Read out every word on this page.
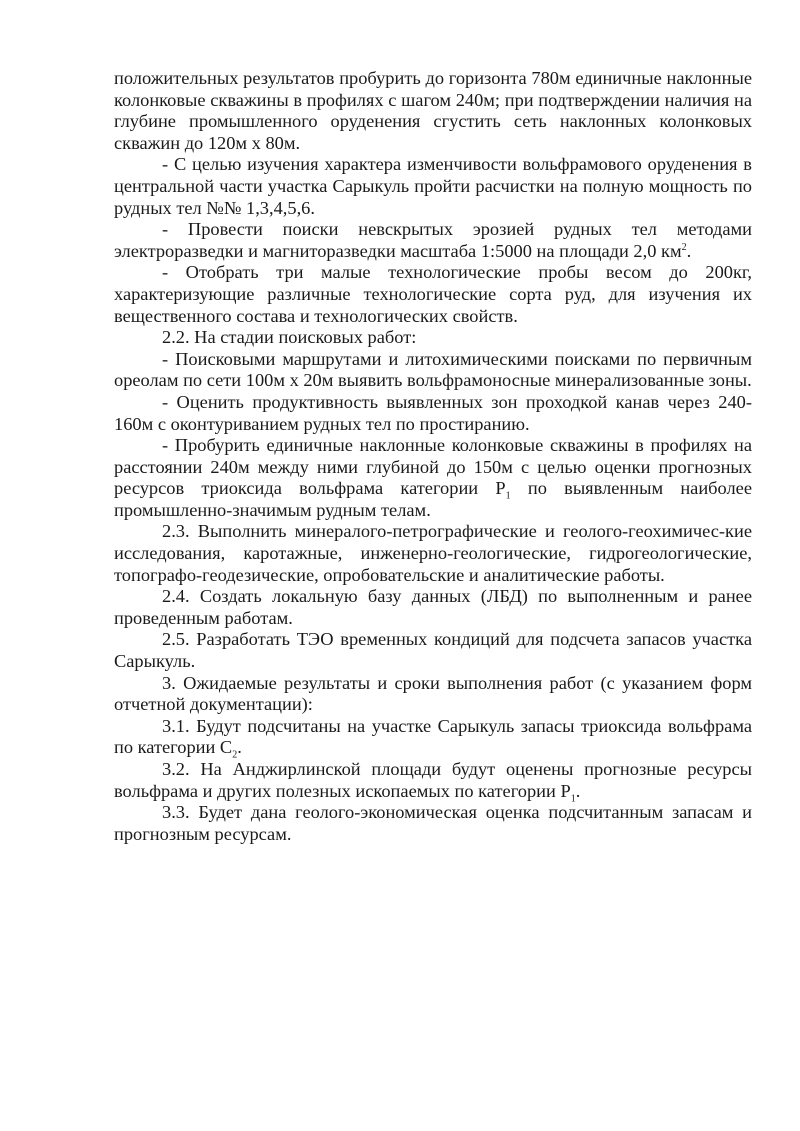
положительных результатов пробурить до горизонта 780м единичные наклонные колонковые скважины в профилях с шагом 240м; при подтверждении наличия на глубине промышленного оруденения сгустить сеть наклонных колонковых скважин до 120м х 80м.

- С целью изучения характера изменчивости вольфрамового оруденения в центральной части участка Сарыкуль пройти расчистки на полную мощность по рудных тел №№ 1,3,4,5,6.

- Провести поиски невскрытых эрозией рудных тел методами электроразведки и магниторазведки масштаба 1:5000 на площади 2,0 $км^2$.

- Отобрать три малые технологические пробы весом до 200кг, характеризующие различные технологические сорта руд, для изучения их вещественного состава и технологических свойств.

2.2. На стадии поисковых работ:

- Поисковыми маршрутами и литохимическими поисками по первичным ореолам по сети 100м х 20м выявить вольфрамоносные минерализованные зоны.

- Оценить продуктивность выявленных зон проходкой канав через 240-160м с оконтуриванием рудных тел по простиранию.

- Пробурить единичные наклонные колонковые скважины в профилях на расстоянии 240м между ними глубиной до 150м с целью оценки прогнозных ресурсов триоксида вольфрама категории $Р_1$ по выявленным наиболее промышленно-значимым рудным телам.

2.3. Выполнить минералого-петрографические и геолого-геохимичес-кие исследования, каротажные, инженерно-геологические, гидрогеологические, топографо-геодезические, опробовательские и аналитические работы.

2.4. Создать локальную базу данных (ЛБД) по выполненным и ранее проведенным работам.

2.5. Разработать ТЭО временных кондиций для подсчета запасов участка Сарыкуль.

3. Ожидаемые результаты и сроки выполнения работ (с указанием форм отчетной документации):

3.1. Будут подсчитаны на участке Сарыкуль запасы триоксида вольфрама по категории $С_2$.

3.2. На Анджирлинской площади будут оценены прогнозные ресурсы вольфрама и других полезных ископаемых по категории $Р_1$.

3.3. Будет дана геолого-экономическая оценка подсчитанным запасам и прогнозным ресурсам.
